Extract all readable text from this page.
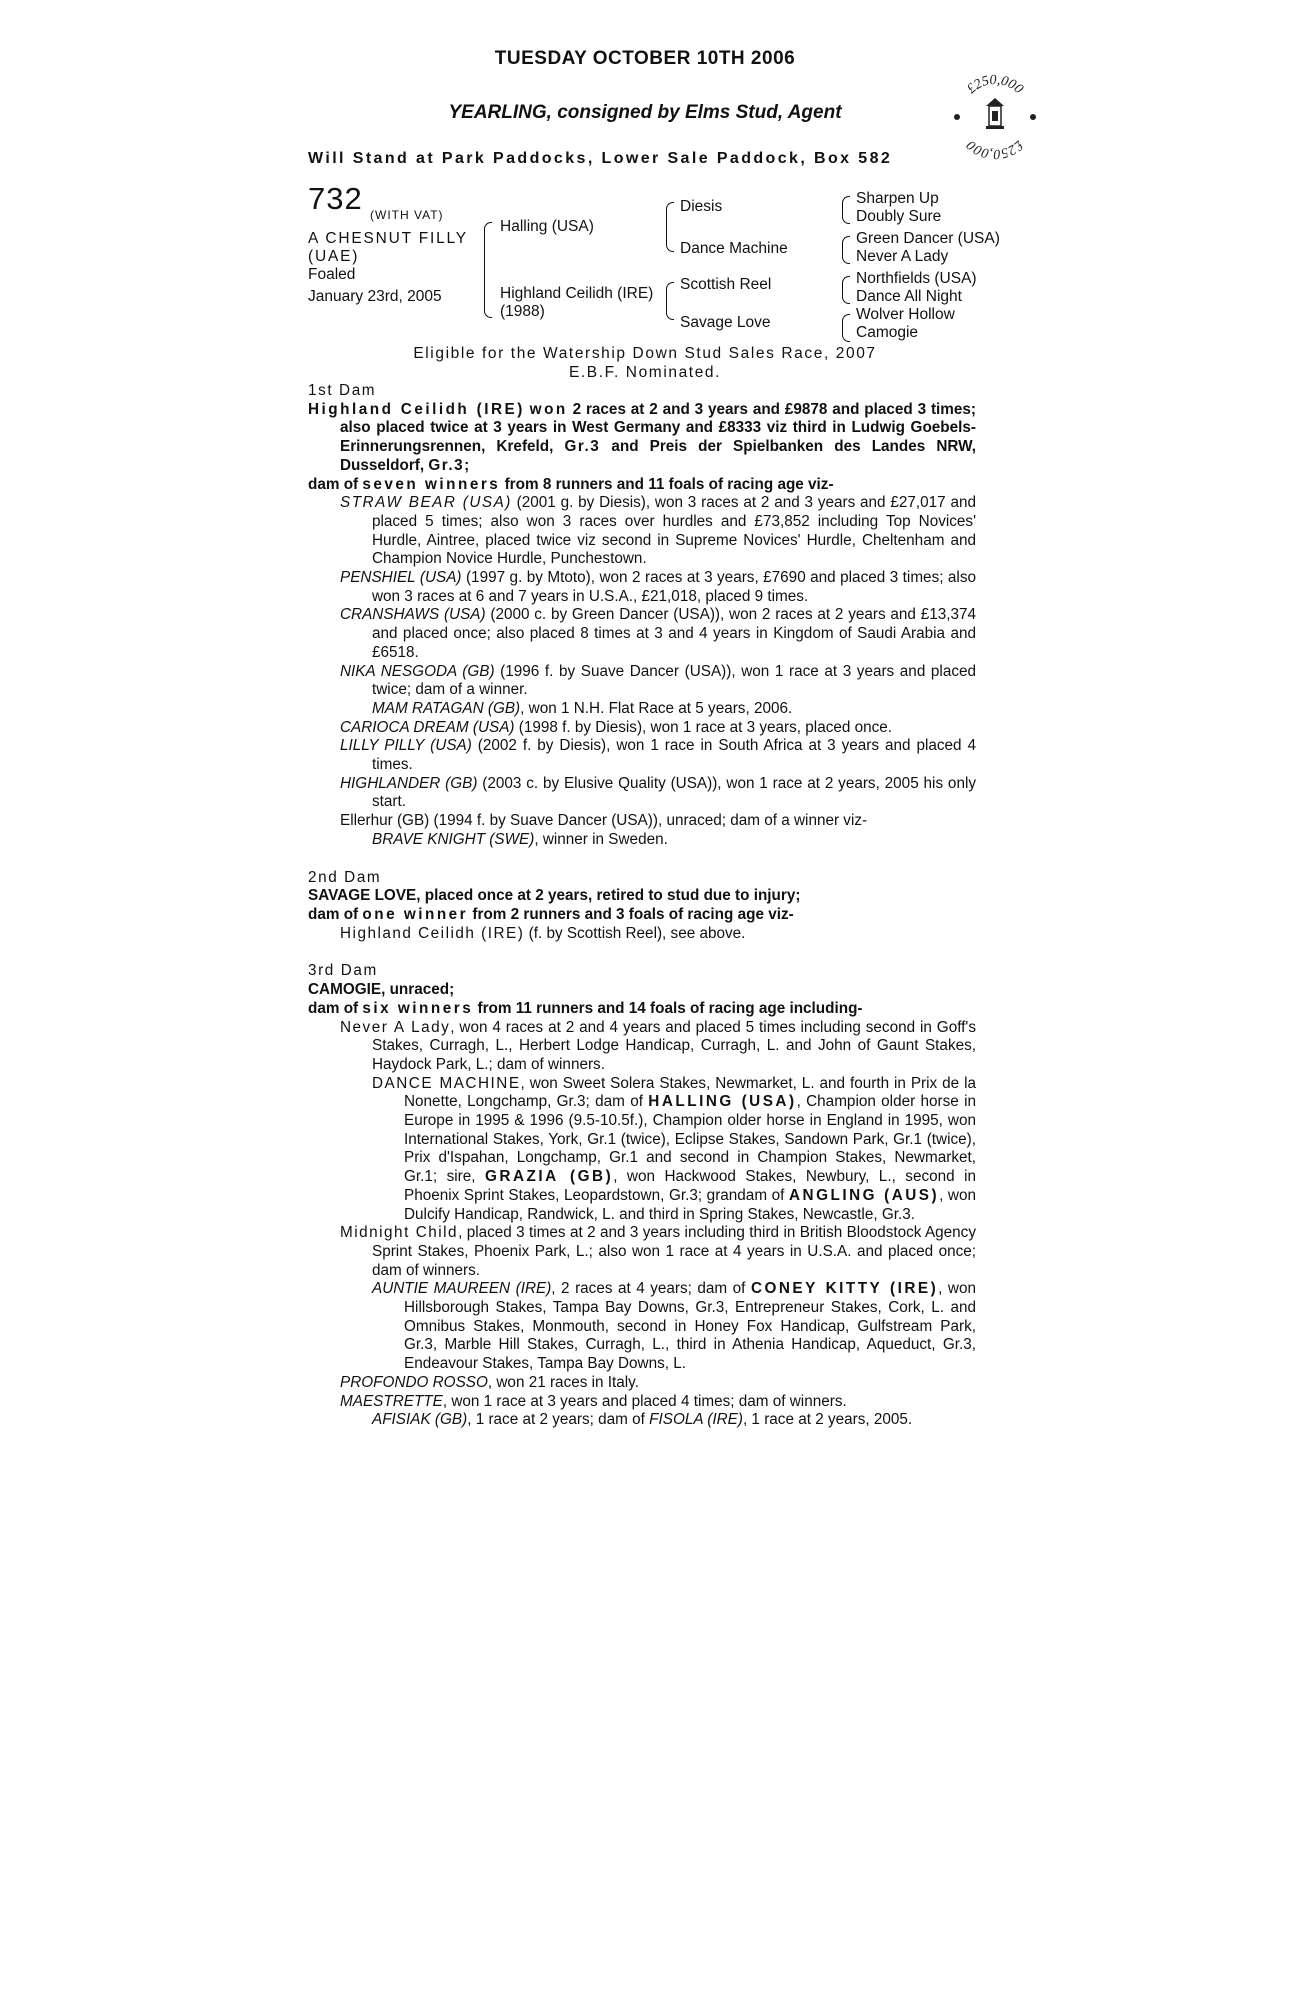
TUESDAY OCTOBER 10TH 2006
YEARLING, consigned by Elms Stud, Agent
Will Stand at Park Paddocks, Lower Sale Paddock, Box 582
£250,000
£250,000
732 (WITH VAT)
A CHESNUT FILLY
(UAE)
Foaled
January 23rd, 2005
Halling (USA)
Highland Ceilidh (IRE)
(1988)
Diesis
Dance Machine
Scottish Reel
Savage Love
Sharpen Up
Doubly Sure
Green Dancer (USA)
Never A Lady
Northfields (USA)
Dance All Night
Wolver Hollow
Camogie
Eligible for the Watership Down Stud Sales Race, 2007
E.B.F. Nominated.

1st Dam

Highland Ceilidh (IRE) won 2 races at 2 and 3 years and £9878 and placed 3 times; also placed twice at 3 years in West Germany and £8333 viz third in Ludwig Goebels-Erinnerungsrennen, Krefeld, Gr.3 and Preis der Spielbanken des Landes NRW, Dusseldorf, Gr.3;

dam of seven winners from 8 runners and 11 foals of racing age viz-

STRAW BEAR (USA) (2001 g. by Diesis), won 3 races at 2 and 3 years and £27,017 and placed 5 times; also won 3 races over hurdles and £73,852 including Top Novices' Hurdle, Aintree, placed twice viz second in Supreme Novices' Hurdle, Cheltenham and Champion Novice Hurdle, Punchestown.

PENSHIEL (USA) (1997 g. by Mtoto), won 2 races at 3 years, £7690 and placed 3 times; also won 3 races at 6 and 7 years in U.S.A., £21,018, placed 9 times.

CRANSHAWS (USA) (2000 c. by Green Dancer (USA)), won 2 races at 2 years and £13,374 and placed once; also placed 8 times at 3 and 4 years in Kingdom of Saudi Arabia and £6518.

NIKA NESGODA (GB) (1996 f. by Suave Dancer (USA)), won 1 race at 3 years and placed twice; dam of a winner.

MAM RATAGAN (GB), won 1 N.H. Flat Race at 5 years, 2006.

CARIOCA DREAM (USA) (1998 f. by Diesis), won 1 race at 3 years, placed once.

LILLY PILLY (USA) (2002 f. by Diesis), won 1 race in South Africa at 3 years and placed 4 times.

HIGHLANDER (GB) (2003 c. by Elusive Quality (USA)), won 1 race at 2 years, 2005 his only start.

Ellerhur (GB) (1994 f. by Suave Dancer (USA)), unraced; dam of a winner viz-

BRAVE KNIGHT (SWE), winner in Sweden.

2nd Dam

SAVAGE LOVE, placed once at 2 years, retired to stud due to injury;

dam of one winner from 2 runners and 3 foals of racing age viz-

Highland Ceilidh (IRE) (f. by Scottish Reel), see above.

3rd Dam

CAMOGIE, unraced;

dam of six winners from 11 runners and 14 foals of racing age including-

Never A Lady, won 4 races at 2 and 4 years and placed 5 times including second in Goff's Stakes, Curragh, L., Herbert Lodge Handicap, Curragh, L. and John of Gaunt Stakes, Haydock Park, L.; dam of winners.

DANCE MACHINE, won Sweet Solera Stakes, Newmarket, L. and fourth in Prix de la Nonette, Longchamp, Gr.3; dam of HALLING (USA), Champion older horse in Europe in 1995 & 1996 (9.5-10.5f.), Champion older horse in England in 1995, won International Stakes, York, Gr.1 (twice), Eclipse Stakes, Sandown Park, Gr.1 (twice), Prix d'Ispahan, Longchamp, Gr.1 and second in Champion Stakes, Newmarket, Gr.1; sire, GRAZIA (GB), won Hackwood Stakes, Newbury, L., second in Phoenix Sprint Stakes, Leopardstown, Gr.3; grandam of ANGLING (AUS), won Dulcify Handicap, Randwick, L. and third in Spring Stakes, Newcastle, Gr.3.

Midnight Child, placed 3 times at 2 and 3 years including third in British Bloodstock Agency Sprint Stakes, Phoenix Park, L.; also won 1 race at 4 years in U.S.A. and placed once; dam of winners.

AUNTIE MAUREEN (IRE), 2 races at 4 years; dam of CONEY KITTY (IRE), won Hillsborough Stakes, Tampa Bay Downs, Gr.3, Entrepreneur Stakes, Cork, L. and Omnibus Stakes, Monmouth, second in Honey Fox Handicap, Gulfstream Park, Gr.3, Marble Hill Stakes, Curragh, L., third in Athenia Handicap, Aqueduct, Gr.3, Endeavour Stakes, Tampa Bay Downs, L.

PROFONDO ROSSO, won 21 races in Italy.

MAESTRETTE, won 1 race at 3 years and placed 4 times; dam of winners.

AFISIAK (GB), 1 race at 2 years; dam of FISOLA (IRE), 1 race at 2 years, 2005.
